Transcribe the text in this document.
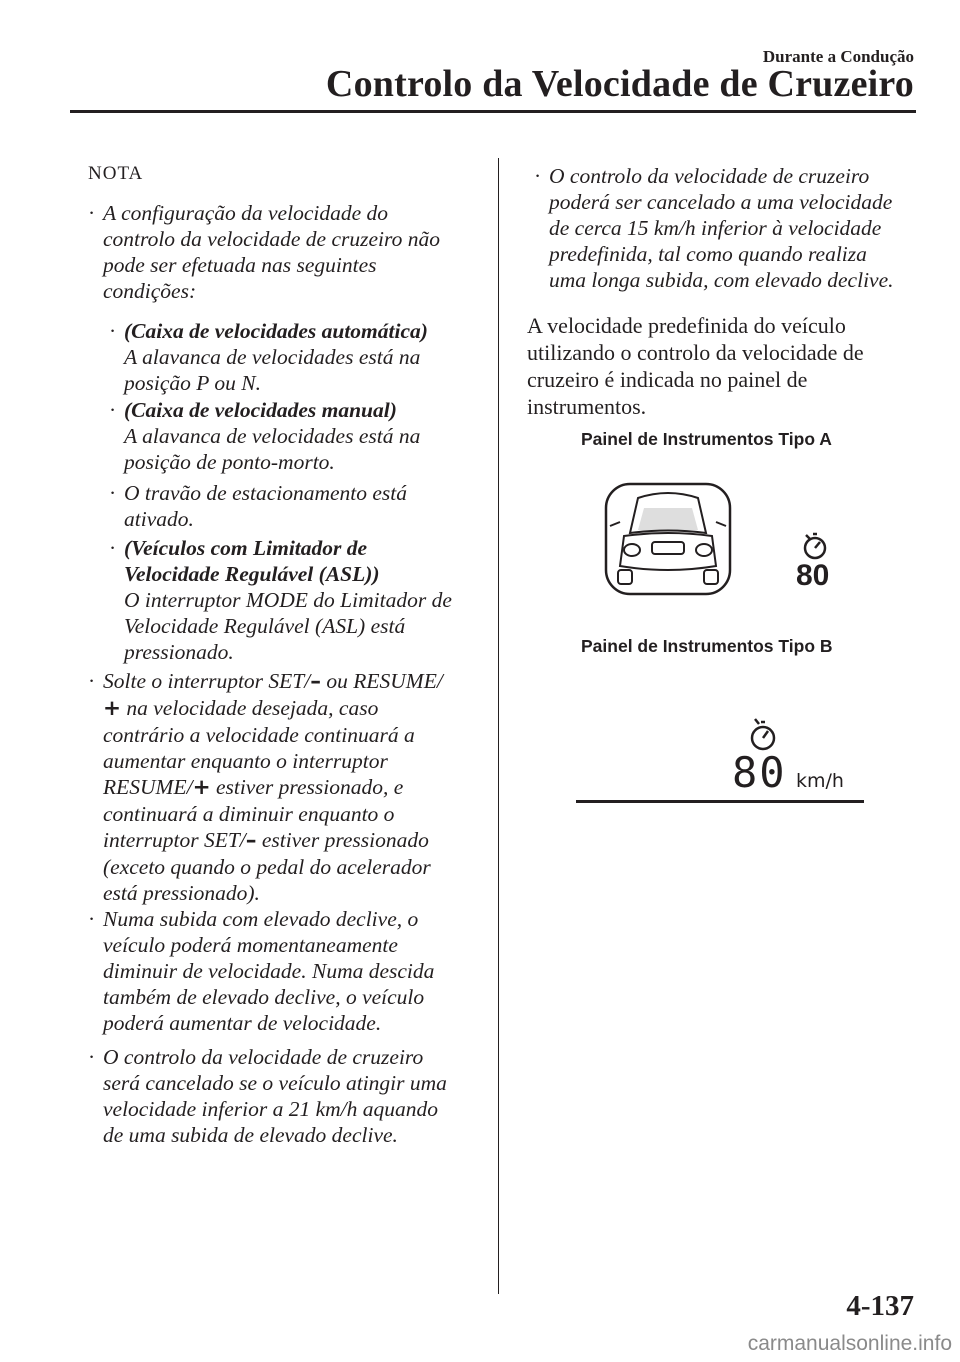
Durante a Condução
Controlo da Velocidade de Cruzeiro
NOTA
· A configuração da velocidade do
controlo da velocidade de cruzeiro não
pode ser efetuada nas seguintes
condições:
· (Caixa de velocidades automática)
A alavanca de velocidades está na
posição P ou N.
· (Caixa de velocidades manual)
A alavanca de velocidades está na
posição de ponto-morto.
· O travão de estacionamento está
ativado.
· (Veículos com Limitador de
Velocidade Regulável (ASL))
O interruptor MODE do Limitador de
Velocidade Regulável (ASL) está
pressionado.
· Solte o interruptor SET/– ou RESUME/
+ na velocidade desejada, caso
contrário a velocidade continuará a
aumentar enquanto o interruptor
RESUME/+ estiver pressionado, e
continuará a diminuir enquanto o
interruptor SET/– estiver pressionado
(exceto quando o pedal do acelerador
está pressionado).
· Numa subida com elevado declive, o
veículo poderá momentaneamente
diminuir de velocidade. Numa descida
também de elevado declive, o veículo
poderá aumentar de velocidade.
· O controlo da velocidade de cruzeiro
será cancelado se o veículo atingir uma
velocidade inferior a 21 km/h aquando
de uma subida de elevado declive.
· O controlo da velocidade de cruzeiro
poderá ser cancelado a uma velocidade
de cerca 15 km/h inferior à velocidade
predefinida, tal como quando realiza
uma longa subida, com elevado declive.
A velocidade predefinida do veículo
utilizando o controlo da velocidade de
cruzeiro é indicada no painel de
instrumentos.
Painel de Instrumentos Tipo A
80
Painel de Instrumentos Tipo B
80 km/h
4-137
carmanualsonline.info
